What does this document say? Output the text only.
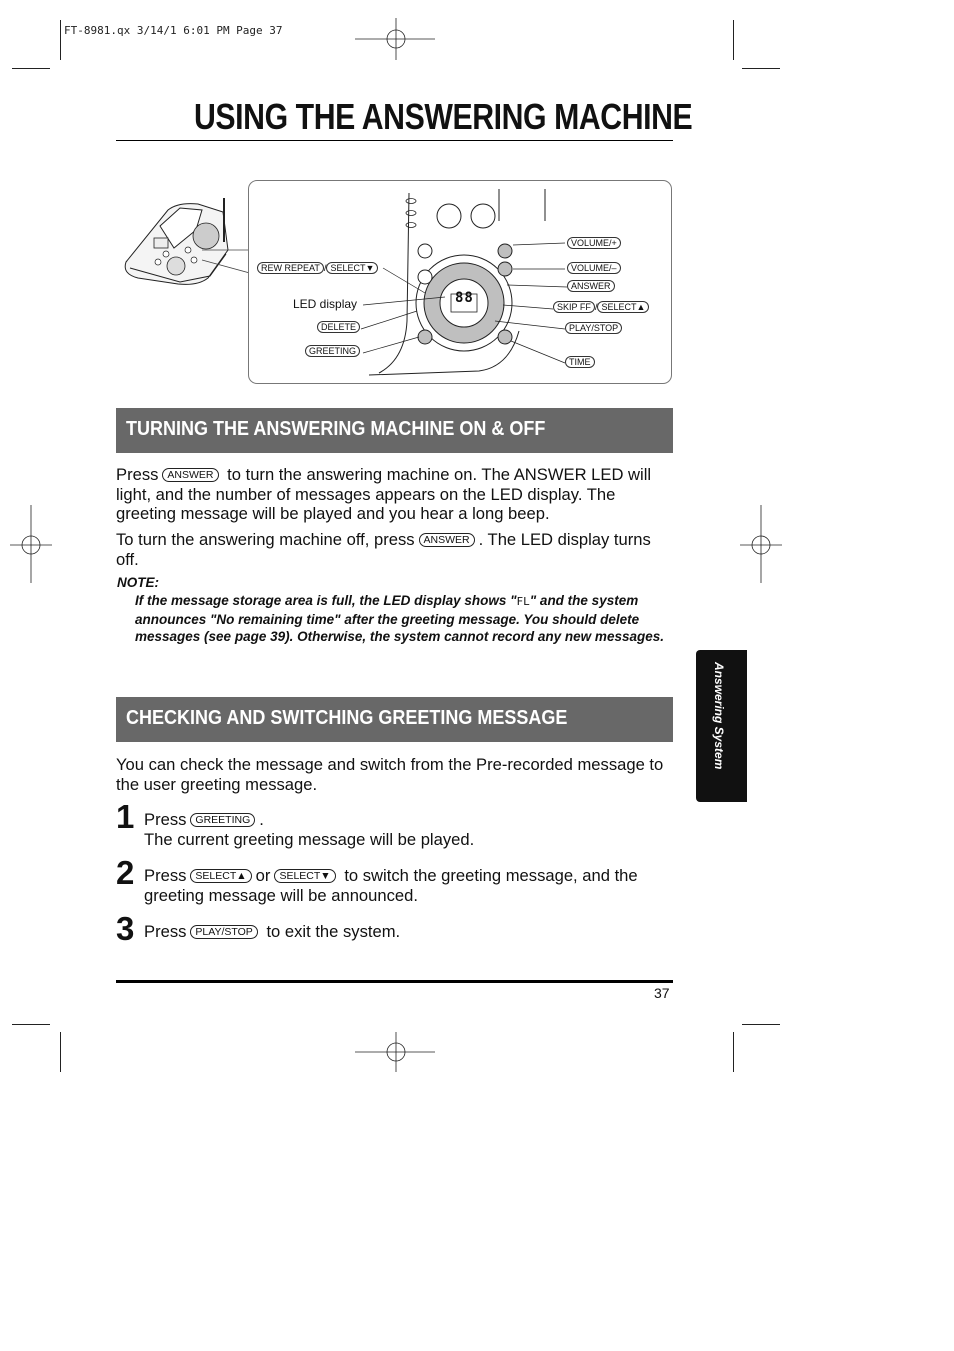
FT-8981.qx 3/14/1 6:01 PM Page 37
USING THE ANSWERING MACHINE
88
REW REPEAT / SELECT▼
LED display
DELETE
GREETING
VOLUME/+
VOLUME/–
ANSWER
SKIP FF / SELECT▲
PLAY/STOP
TIME
TURNING THE ANSWERING MACHINE ON & OFF
Press ANSWER to turn the answering machine on. The ANSWER LED will light, and the number of messages appears on the LED display. The greeting message will be played and you hear a long beep.
To turn the answering machine off, press ANSWER . The LED display turns off.
NOTE:
If the message storage area is full, the LED display shows "FL" and the system announces "No remaining time" after the greeting message. You should delete messages (see page 39). Otherwise, the system cannot record any new messages.
CHECKING AND SWITCHING GREETING MESSAGE
You can check the message and switch from the Pre-recorded message to the user greeting message.
1 Press GREETING .
The current greeting message will be played.
2 Press SELECT▲ or SELECT▼ to switch the greeting message, and the greeting message will be announced.
3 Press PLAY/STOP to exit the system.
37
Answering System
